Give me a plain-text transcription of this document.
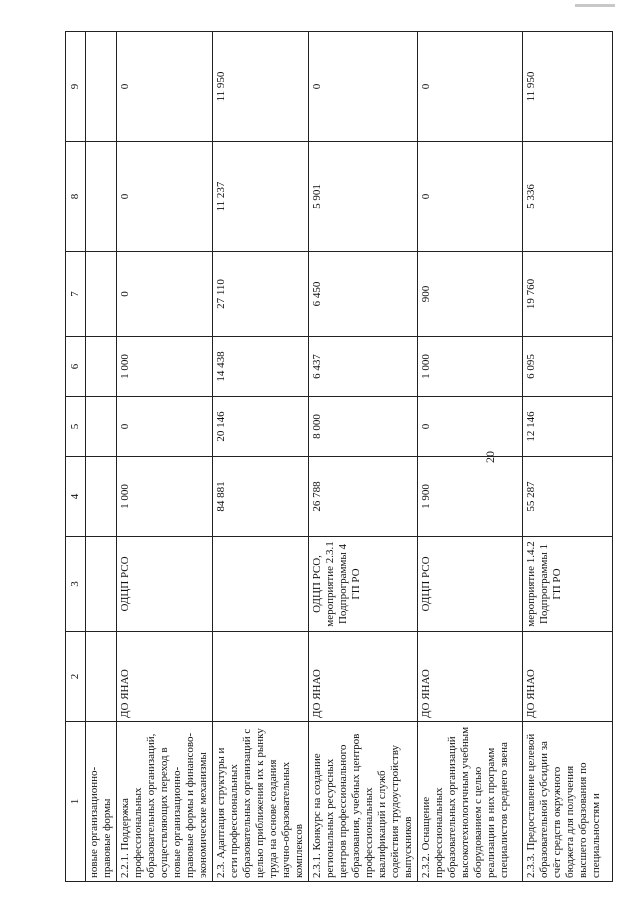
1	2	3	4	5	6	7	8	9
новые организационно-правовые формы								
2.2.1. Поддержка профессиональных образовательных организаций, осуществляющих переход в новые организационно-правовые формы и финансово-экономические механизмы	ДО ЯНАО	ОДЦП РСО	1 000	0	1 000	0	0	0
2.3. Адаптация структуры и сети профессиональных образовательных организаций с целью приближения их к рынку труда на основе создания научно-образовательных комплексов			84 881	20 146	14 438	27 110	11 237	11 950
2.3.1. Конкурс на создание региональных ресурсных центров профессионального образования, учебных центров профессиональных квалификаций и служб содействия трудоустройству выпускников	ДО ЯНАО	ОДЦП РСО, мероприятие 2.3.1 Подпрограммы 4 ГП РО	26 788	8 000	6 437	6 450	5 901	0
2.3.2. Оснащение профессиональных образовательных организаций высокотехнологичным учебным оборудованием с целью реализации в них программ специалистов среднего звена	ДО ЯНАО	ОДЦП РСО	1 900	0	1 000	900	0	0
2.3.3. Предоставление целевой образовательной субсидии за счёт средств окружного бюджета для получения высшего образования по специальностям и	ДО ЯНАО	мероприятие 1.4.2 Подпрограммы 1 ГП РО	55 287	12 146	6 095	19 760	5 336	11 950
20
